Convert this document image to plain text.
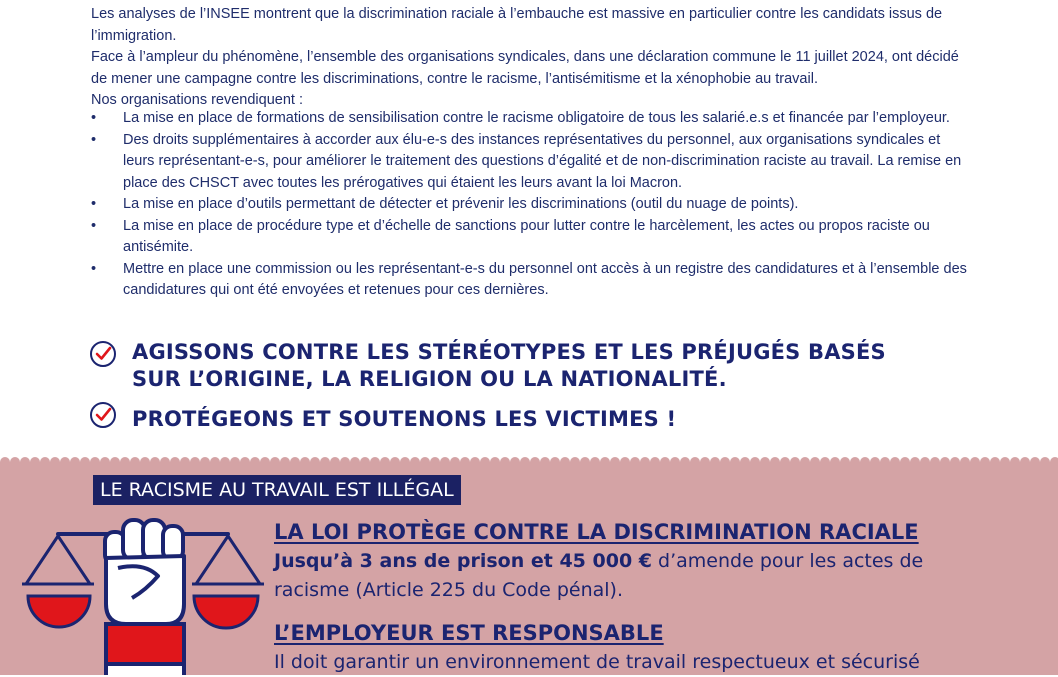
Les analyses de l’INSEE montrent que la discrimination raciale à l’embauche est massive en particulier contre les candidats issus de l’immigration.

Face à l’ampleur du phénomène, l’ensemble des organisations syndicales, dans une déclaration commune le 11 juillet 2024, ont décidé de mener une campagne contre les discriminations, contre le racisme, l’antisémitisme et la xénophobie au travail.

Nos organisations revendiquent :

• La mise en place de formations de sensibilisation contre le racisme obligatoire de tous les salarié.e.s et financée par l’employeur.
• Des droits supplémentaires à accorder aux élu-e-s des instances représentatives du personnel, aux organisations syndicales et leurs représentant-e-s, pour améliorer le traitement des questions d’égalité et de non-discrimination raciste au travail. La remise en place des CHSCT avec toutes les prérogatives qui étaient les leurs avant la loi Macron.
• La mise en place d’outils permettant de détecter et prévenir les discriminations (outil du nuage de points).
• La mise en place de procédure type et d’échelle de sanctions pour lutter contre le harcèlement, les actes ou propos raciste ou antisémite.
• Mettre en place une commission ou les représentant-e-s du personnel ont accès à un registre des candidatures et à l’ensemble des candidatures qui ont été envoyées et retenues pour ces dernières.
AGISSONS CONTRE LES STÉRÉOTYPES ET LES PRÉJUGÉS BASÉS SUR L’ORIGINE, LA RELIGION OU LA NATIONALITÉ.
PROTÉGEONS ET SOUTENONS LES VICTIMES !
LE RACISME AU TRAVAIL EST ILLÉGAL
LA LOI PROTÈGE CONTRE LA DISCRIMINATION RACIALE
Jusqu’à 3 ans de prison et 45 000 € d’amende pour les actes de racisme (Article 225 du Code pénal).
L’EMPLOYEUR EST RESPONSABLE
Il doit garantir un environnement de travail respectueux et sécurisé
